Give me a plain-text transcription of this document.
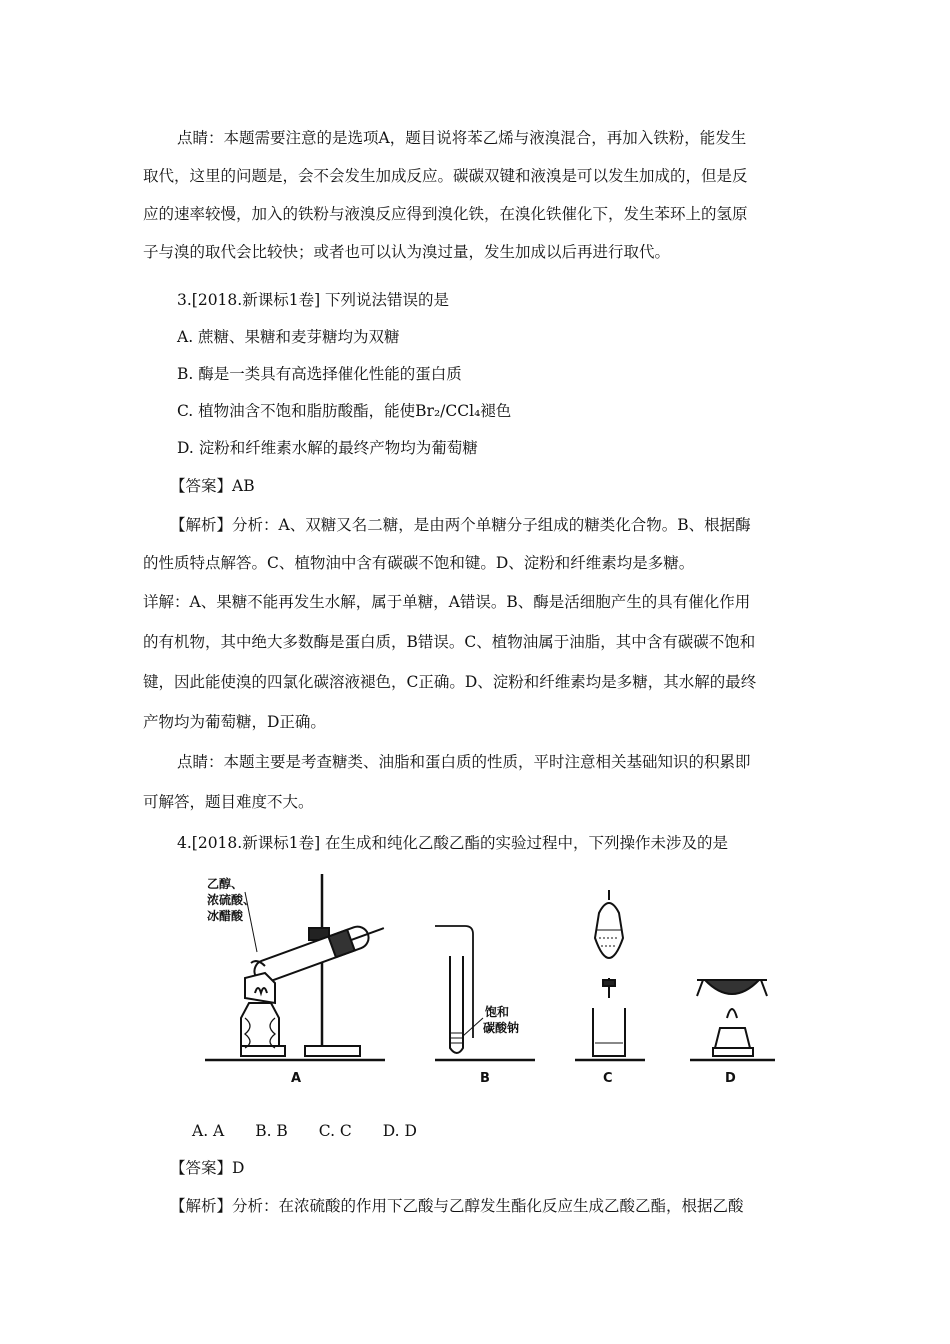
点睛：本题需要注意的是选项A，题目说将苯乙烯与液溴混合，再加入铁粉，能发生
取代，这里的问题是，会不会发生加成反应。碳碳双键和液溴是可以发生加成的，但是反
应的速率较慢，加入的铁粉与液溴反应得到溴化铁，在溴化铁催化下，发生苯环上的氢原
子与溴的取代会比较快；或者也可以认为溴过量，发生加成以后再进行取代。
3.[2018.新课标1卷] 下列说法错误的是
A. 蔗糖、果糖和麦芽糖均为双糖
B. 酶是一类具有高选择催化性能的蛋白质
C. 植物油含不饱和脂肪酸酯，能使Br₂/CCl₄褪色
D. 淀粉和纤维素水解的最终产物均为葡萄糖
【答案】AB
【解析】分析：A、双糖又名二糖，是由两个单糖分子组成的糖类化合物。B、根据酶
的性质特点解答。C、植物油中含有碳碳不饱和键。D、淀粉和纤维素均是多糖。
详解：A、果糖不能再发生水解，属于单糖，A错误。B、酶是活细胞产生的具有催化作用
的有机物，其中绝大多数酶是蛋白质，B错误。C、植物油属于油脂，其中含有碳碳不饱和
键，因此能使溴的四氯化碳溶液褪色，C正确。D、淀粉和纤维素均是多糖，其水解的最终
产物均为葡萄糖，D正确。
点睛：本题主要是考查糖类、油脂和蛋白质的性质，平时注意相关基础知识的积累即
可解答，题目难度不大。
4.[2018.新课标1卷] 在生成和纯化乙酸乙酯的实验过程中，下列操作未涉及的是
乙醇、
浓硫酸、
冰醋酸
饱和
碳酸钠
A	B	C	D
A. A B. B C. C D. D
【答案】D
【解析】分析：在浓硫酸的作用下乙酸与乙醇发生酯化反应生成乙酸乙酯，根据乙酸
